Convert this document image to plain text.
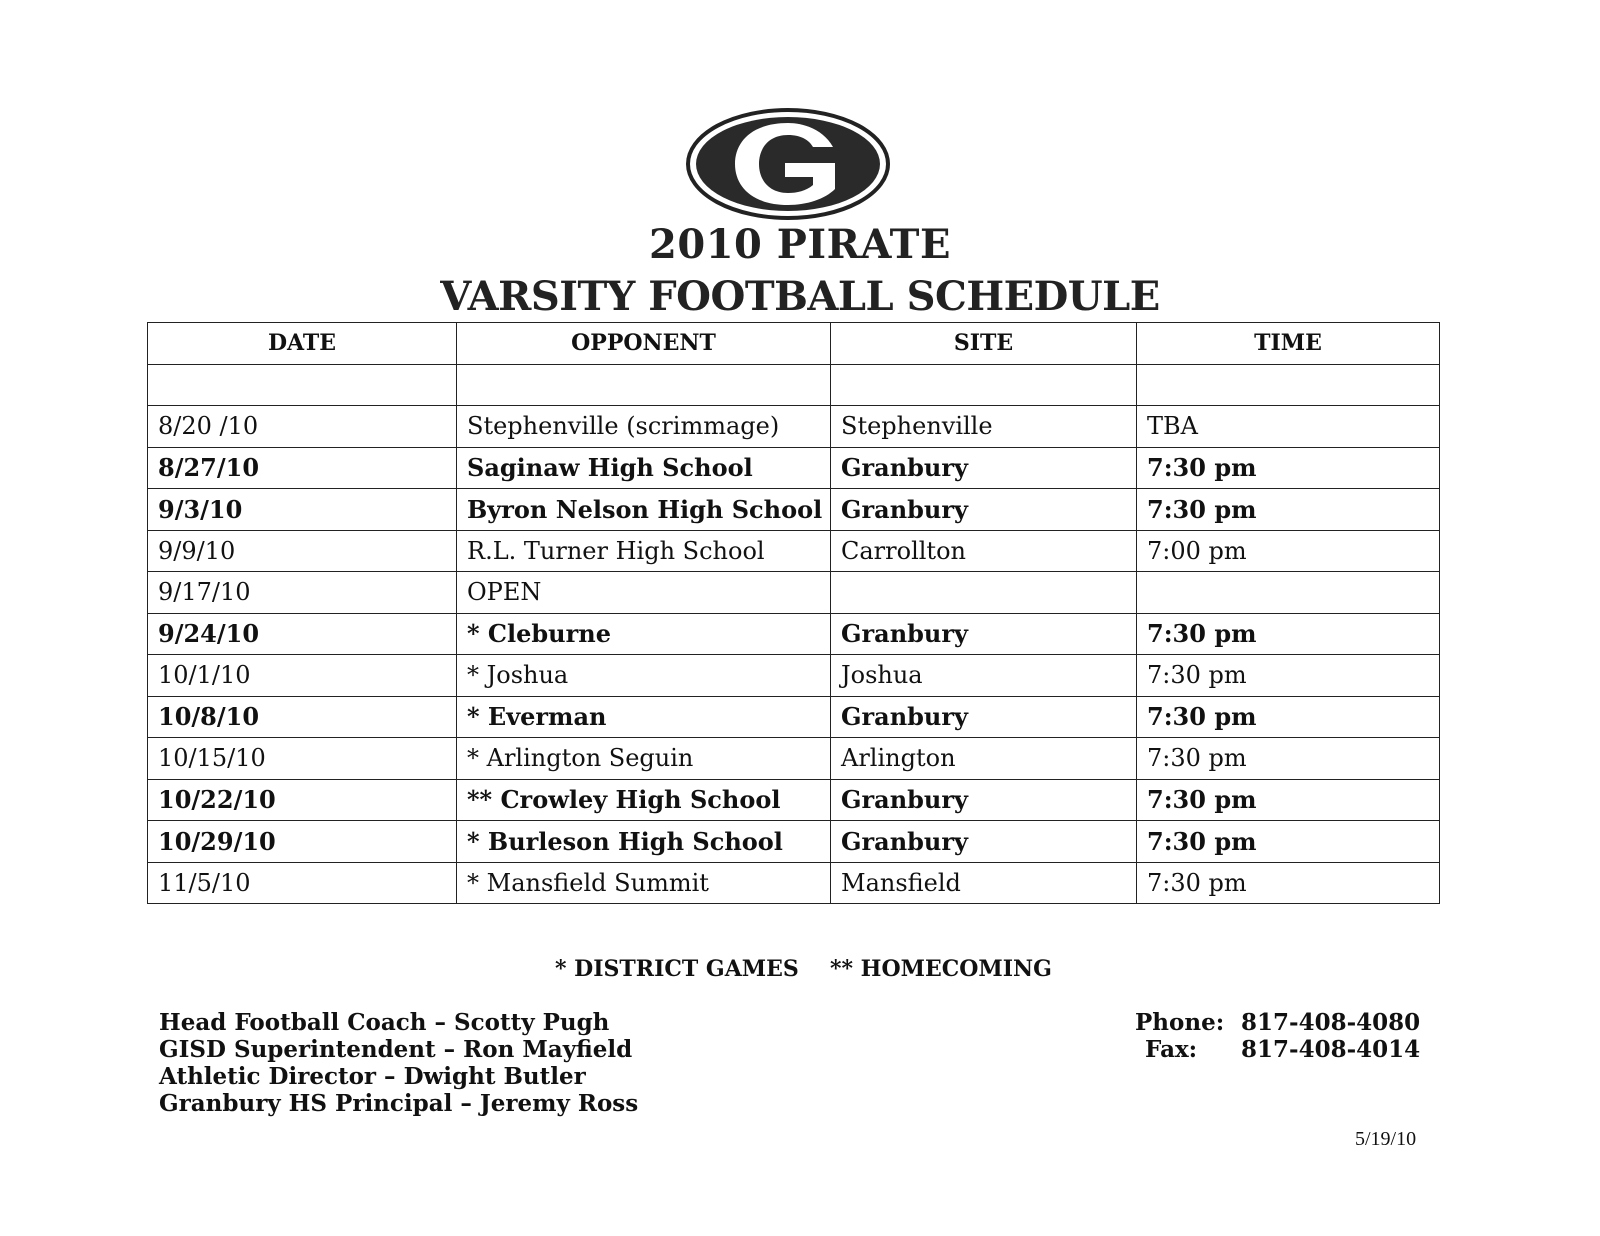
2010 PIRATE
VARSITY FOOTBALL SCHEDULE
DATE	OPPONENT	SITE	TIME

8/20 /10	Stephenville (scrimmage)	Stephenville	TBA
8/27/10	Saginaw High School	Granbury	7:30 pm
9/3/10	Byron Nelson High School	Granbury	7:30 pm
9/9/10	R.L. Turner High School	Carrollton	7:00 pm
9/17/10	OPEN		
9/24/10	* Cleburne	Granbury	7:30 pm
10/1/10	* Joshua	Joshua	7:30 pm
10/8/10	* Everman	Granbury	7:30 pm
10/15/10	* Arlington Seguin	Arlington	7:30 pm
10/22/10	** Crowley High School	Granbury	7:30 pm
10/29/10	* Burleson High School	Granbury	7:30 pm
11/5/10	* Mansfield Summit	Mansfield	7:30 pm
* DISTRICT GAMES ** HOMECOMING
Head Football Coach – Scotty Pugh
GISD Superintendent – Ron Mayfield
Athletic Director – Dwight Butler
Granbury HS Principal – Jeremy Ross
Phone: 817-408-4080
Fax: 817-408-4014
5/19/10
